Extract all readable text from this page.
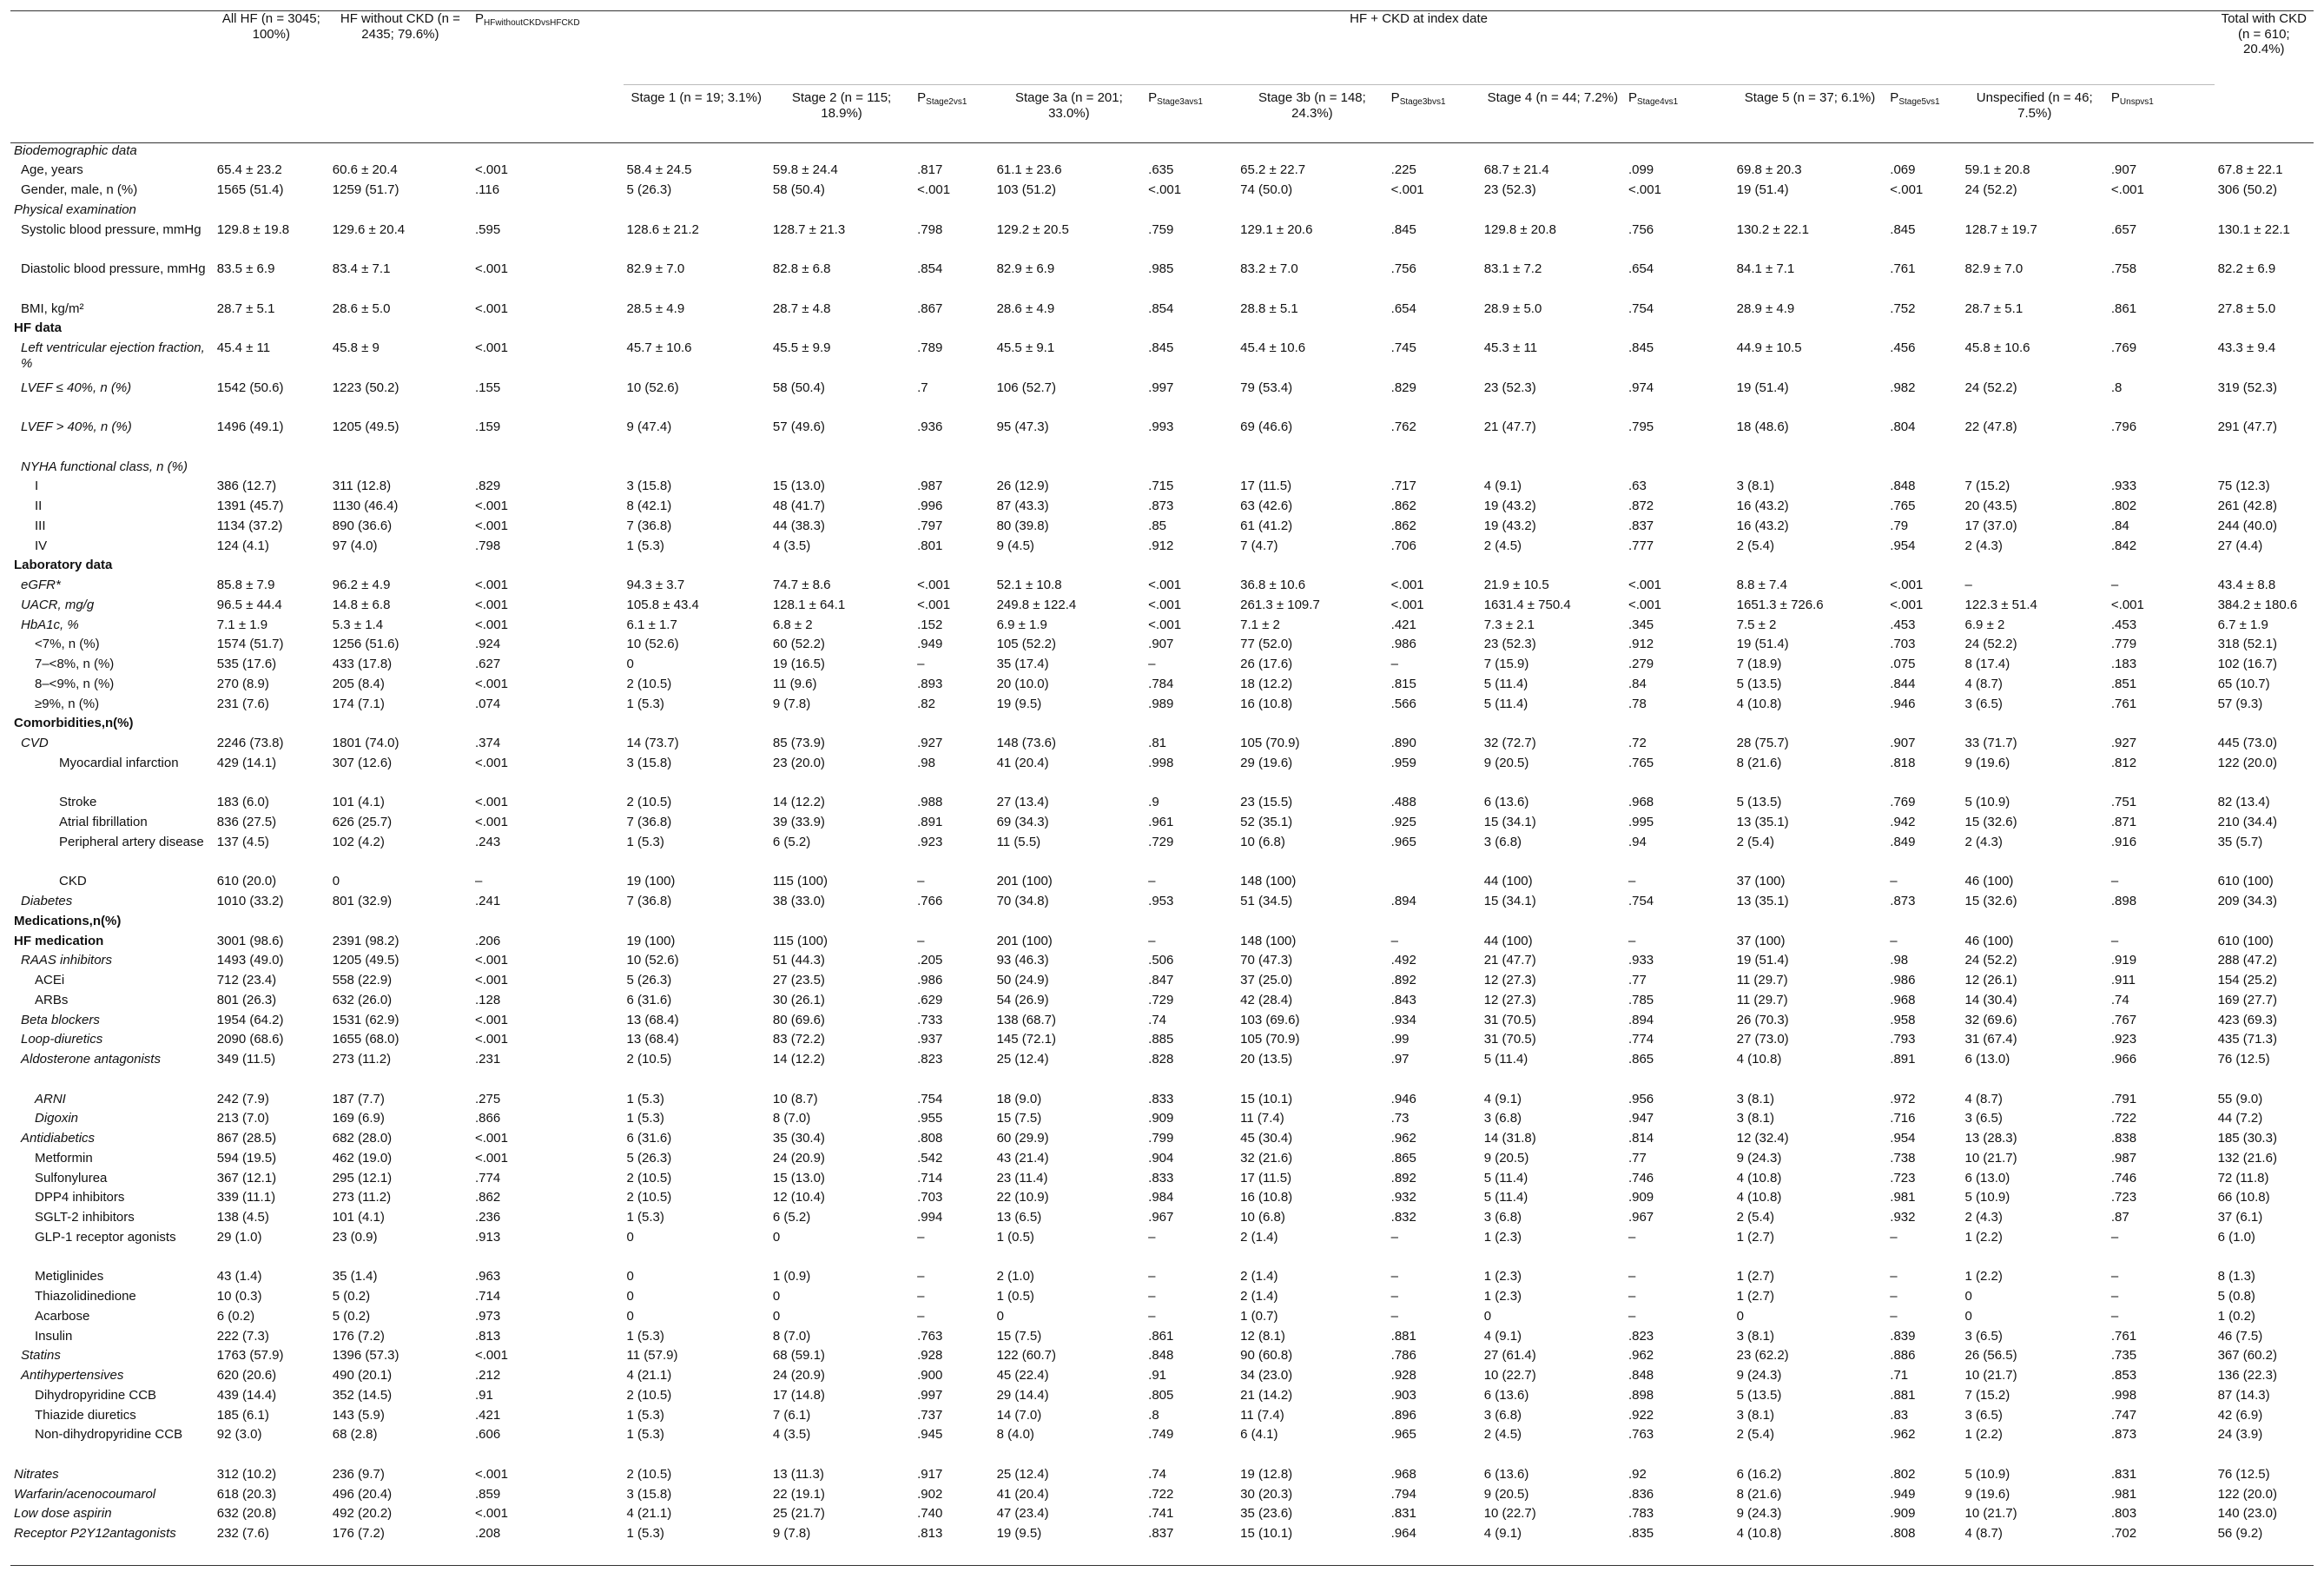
	All HF (n = 3045; 100%)	HF without CKD (n = 2435; 79.6%)	$P_{HFwithoutCKDvsHFCKD}$	HF + CKD at index date													Total with CKD (n = 610; 20.4%)
				Stage 1 (n = 19; 3.1%)	Stage 2 (n = 115; 18.9%)	$P_{Stage2vs1}$	Stage 3a (n = 201; 33.0%)	$P_{Stage3avs1}$	Stage 3b (n = 148; 24.3%)	$P_{Stage3bvs1}$	Stage 4 (n = 44; 7.2%)	$P_{Stage4vs1}$	Stage 5 (n = 37; 6.1%)	$P_{Stage5vs1}$	Unspecified (n = 46; 7.5%)	$P_{Unspvs1}$
Biodemographic data																	
Age, years	65.4 ± 23.2	60.6 ± 20.4	<.001	58.4 ± 24.5	59.8 ± 24.4	.817	61.1 ± 23.6	.635	65.2 ± 22.7	.225	68.7 ± 21.4	.099	69.8 ± 20.3	.069	59.1 ± 20.8	.907	67.8 ± 22.1
Gender, male, n (%)	1565 (51.4)	1259 (51.7)	.116	5 (26.3)	58 (50.4)	<.001	103 (51.2)	<.001	74 (50.0)	<.001	23 (52.3)	<.001	19 (51.4)	<.001	24 (52.2)	<.001	306 (50.2)
Physical examination																	
Systolic blood pressure, mmHg	129.8 ± 19.8	129.6 ± 20.4	.595	128.6 ± 21.2	128.7 ± 21.3	.798	129.2 ± 20.5	.759	129.1 ± 20.6	.845	129.8 ± 20.8	.756	130.2 ± 22.1	.845	128.7 ± 19.7	.657	130.1 ± 22.1
Diastolic blood pressure, mmHg	83.5 ± 6.9	83.4 ± 7.1	<.001	82.9 ± 7.0	82.8 ± 6.8	.854	82.9 ± 6.9	.985	83.2 ± 7.0	.756	83.1 ± 7.2	.654	84.1 ± 7.1	.761	82.9 ± 7.0	.758	82.2 ± 6.9
BMI, kg/m²	28.7 ± 5.1	28.6 ± 5.0	<.001	28.5 ± 4.9	28.7 ± 4.8	.867	28.6 ± 4.9	.854	28.8 ± 5.1	.654	28.9 ± 5.0	.754	28.9 ± 4.9	.752	28.7 ± 5.1	.861	27.8 ± 5.0
HF data																	
Left ventricular ejection fraction, %	45.4 ± 11	45.8 ± 9	<.001	45.7 ± 10.6	45.5 ± 9.9	.789	45.5 ± 9.1	.845	45.4 ± 10.6	.745	45.3 ± 11	.845	44.9 ± 10.5	.456	45.8 ± 10.6	.769	43.3 ± 9.4
LVEF ≤ 40%, n (%)	1542 (50.6)	1223 (50.2)	.155	10 (52.6)	58 (50.4)	.7	106 (52.7)	.997	79 (53.4)	.829	23 (52.3)	.974	19 (51.4)	.982	24 (52.2)	.8	319 (52.3)
LVEF > 40%, n (%)	1496 (49.1)	1205 (49.5)	.159	9 (47.4)	57 (49.6)	.936	95 (47.3)	.993	69 (46.6)	.762	21 (47.7)	.795	18 (48.6)	.804	22 (47.8)	.796	291 (47.7)
NYHA functional class, n (%)																	
I	386 (12.7)	311 (12.8)	.829	3 (15.8)	15 (13.0)	.987	26 (12.9)	.715	17 (11.5)	.717	4 (9.1)	.63	3 (8.1)	.848	7 (15.2)	.933	75 (12.3)
II	1391 (45.7)	1130 (46.4)	<.001	8 (42.1)	48 (41.7)	.996	87 (43.3)	.873	63 (42.6)	.862	19 (43.2)	.872	16 (43.2)	.765	20 (43.5)	.802	261 (42.8)
III	1134 (37.2)	890 (36.6)	<.001	7 (36.8)	44 (38.3)	.797	80 (39.8)	.85	61 (41.2)	.862	19 (43.2)	.837	16 (43.2)	.79	17 (37.0)	.84	244 (40.0)
IV	124 (4.1)	97 (4.0)	.798	1 (5.3)	4 (3.5)	.801	9 (4.5)	.912	7 (4.7)	.706	2 (4.5)	.777	2 (5.4)	.954	2 (4.3)	.842	27 (4.4)
Laboratory data																	
eGFR*	85.8 ± 7.9	96.2 ± 4.9	<.001	94.3 ± 3.7	74.7 ± 8.6	<.001	52.1 ± 10.8	<.001	36.8 ± 10.6	<.001	21.9 ± 10.5	<.001	8.8 ± 7.4	<.001	–	–	43.4 ± 8.8
UACR, mg/g	96.5 ± 44.4	14.8 ± 6.8	<.001	105.8 ± 43.4	128.1 ± 64.1	<.001	249.8 ± 122.4	<.001	261.3 ± 109.7	<.001	1631.4 ± 750.4	<.001	1651.3 ± 726.6	<.001	122.3 ± 51.4	<.001	384.2 ± 180.6
HbA1c, %	7.1 ± 1.9	5.3 ± 1.4	<.001	6.1 ± 1.7	6.8 ± 2	.152	6.9 ± 1.9	<.001	7.1 ± 2	.421	7.3 ± 2.1	.345	7.5 ± 2	.453	6.9 ± 2	.453	6.7 ± 1.9
<7%, n (%)	1574 (51.7)	1256 (51.6)	.924	10 (52.6)	60 (52.2)	.949	105 (52.2)	.907	77 (52.0)	.986	23 (52.3)	.912	19 (51.4)	.703	24 (52.2)	.779	318 (52.1)
7–<8%, n (%)	535 (17.6)	433 (17.8)	.627	0	19 (16.5)	–	35 (17.4)	–	26 (17.6)	–	7 (15.9)	.279	7 (18.9)	.075	8 (17.4)	.183	102 (16.7)
8–<9%, n (%)	270 (8.9)	205 (8.4)	<.001	2 (10.5)	11 (9.6)	.893	20 (10.0)	.784	18 (12.2)	.815	5 (11.4)	.84	5 (13.5)	.844	4 (8.7)	.851	65 (10.7)
≥9%, n (%)	231 (7.6)	174 (7.1)	.074	1 (5.3)	9 (7.8)	.82	19 (9.5)	.989	16 (10.8)	.566	5 (11.4)	.78	4 (10.8)	.946	3 (6.5)	.761	57 (9.3)
Comorbidities,n(%)																	
CVD	2246 (73.8)	1801 (74.0)	.374	14 (73.7)	85 (73.9)	.927	148 (73.6)	.81	105 (70.9)	.890	32 (72.7)	.72	28 (75.7)	.907	33 (71.7)	.927	445 (73.0)
Myocardial infarction	429 (14.1)	307 (12.6)	<.001	3 (15.8)	23 (20.0)	.98	41 (20.4)	.998	29 (19.6)	.959	9 (20.5)	.765	8 (21.6)	.818	9 (19.6)	.812	122 (20.0)
Stroke	183 (6.0)	101 (4.1)	<.001	2 (10.5)	14 (12.2)	.988	27 (13.4)	.9	23 (15.5)	.488	6 (13.6)	.968	5 (13.5)	.769	5 (10.9)	.751	82 (13.4)
Atrial fibrillation	836 (27.5)	626 (25.7)	<.001	7 (36.8)	39 (33.9)	.891	69 (34.3)	.961	52 (35.1)	.925	15 (34.1)	.995	13 (35.1)	.942	15 (32.6)	.871	210 (34.4)
Peripheral artery disease	137 (4.5)	102 (4.2)	.243	1 (5.3)	6 (5.2)	.923	11 (5.5)	.729	10 (6.8)	.965	3 (6.8)	.94	2 (5.4)	.849	2 (4.3)	.916	35 (5.7)
CKD	610 (20.0)	0	–	19 (100)	115 (100)	–	201 (100)	–	148 (100)		44 (100)	–	37 (100)	–	46 (100)	–	610 (100)
Diabetes	1010 (33.2)	801 (32.9)	.241	7 (36.8)	38 (33.0)	.766	70 (34.8)	.953	51 (34.5)	.894	15 (34.1)	.754	13 (35.1)	.873	15 (32.6)	.898	209 (34.3)
Medications,n(%)																	
HF medication	3001 (98.6)	2391 (98.2)	.206	19 (100)	115 (100)	–	201 (100)	–	148 (100)	–	44 (100)	–	37 (100)	–	46 (100)	–	610 (100)
RAAS inhibitors	1493 (49.0)	1205 (49.5)	<.001	10 (52.6)	51 (44.3)	.205	93 (46.3)	.506	70 (47.3)	.492	21 (47.7)	.933	19 (51.4)	.98	24 (52.2)	.919	288 (47.2)
ACEi	712 (23.4)	558 (22.9)	<.001	5 (26.3)	27 (23.5)	.986	50 (24.9)	.847	37 (25.0)	.892	12 (27.3)	.77	11 (29.7)	.986	12 (26.1)	.911	154 (25.2)
ARBs	801 (26.3)	632 (26.0)	.128	6 (31.6)	30 (26.1)	.629	54 (26.9)	.729	42 (28.4)	.843	12 (27.3)	.785	11 (29.7)	.968	14 (30.4)	.74	169 (27.7)
Beta blockers	1954 (64.2)	1531 (62.9)	<.001	13 (68.4)	80 (69.6)	.733	138 (68.7)	.74	103 (69.6)	.934	31 (70.5)	.894	26 (70.3)	.958	32 (69.6)	.767	423 (69.3)
Loop-diuretics	2090 (68.6)	1655 (68.0)	<.001	13 (68.4)	83 (72.2)	.937	145 (72.1)	.885	105 (70.9)	.99	31 (70.5)	.774	27 (73.0)	.793	31 (67.4)	.923	435 (71.3)
Aldosterone antagonists	349 (11.5)	273 (11.2)	.231	2 (10.5)	14 (12.2)	.823	25 (12.4)	.828	20 (13.5)	.97	5 (11.4)	.865	4 (10.8)	.891	6 (13.0)	.966	76 (12.5)
ARNI	242 (7.9)	187 (7.7)	.275	1 (5.3)	10 (8.7)	.754	18 (9.0)	.833	15 (10.1)	.946	4 (9.1)	.956	3 (8.1)	.972	4 (8.7)	.791	55 (9.0)
Digoxin	213 (7.0)	169 (6.9)	.866	1 (5.3)	8 (7.0)	.955	15 (7.5)	.909	11 (7.4)	.73	3 (6.8)	.947	3 (8.1)	.716	3 (6.5)	.722	44 (7.2)
Antidiabetics	867 (28.5)	682 (28.0)	<.001	6 (31.6)	35 (30.4)	.808	60 (29.9)	.799	45 (30.4)	.962	14 (31.8)	.814	12 (32.4)	.954	13 (28.3)	.838	185 (30.3)
Metformin	594 (19.5)	462 (19.0)	<.001	5 (26.3)	24 (20.9)	.542	43 (21.4)	.904	32 (21.6)	.865	9 (20.5)	.77	9 (24.3)	.738	10 (21.7)	.987	132 (21.6)
Sulfonylurea	367 (12.1)	295 (12.1)	.774	2 (10.5)	15 (13.0)	.714	23 (11.4)	.833	17 (11.5)	.892	5 (11.4)	.746	4 (10.8)	.723	6 (13.0)	.746	72 (11.8)
DPP4 inhibitors	339 (11.1)	273 (11.2)	.862	2 (10.5)	12 (10.4)	.703	22 (10.9)	.984	16 (10.8)	.932	5 (11.4)	.909	4 (10.8)	.981	5 (10.9)	.723	66 (10.8)
SGLT-2 inhibitors	138 (4.5)	101 (4.1)	.236	1 (5.3)	6 (5.2)	.994	13 (6.5)	.967	10 (6.8)	.832	3 (6.8)	.967	2 (5.4)	.932	2 (4.3)	.87	37 (6.1)
GLP-1 receptor agonists	29 (1.0)	23 (0.9)	.913	0	0	–	1 (0.5)	–	2 (1.4)	–	1 (2.3)	–	1 (2.7)	–	1 (2.2)	–	6 (1.0)
Metiglinides	43 (1.4)	35 (1.4)	.963	0	1 (0.9)	–	2 (1.0)	–	2 (1.4)	–	1 (2.3)	–	1 (2.7)	–	1 (2.2)	–	8 (1.3)
Thiazolidinedione	10 (0.3)	5 (0.2)	.714	0	0	–	1 (0.5)	–	2 (1.4)	–	1 (2.3)	–	1 (2.7)	–	0	–	5 (0.8)
Acarbose	6 (0.2)	5 (0.2)	.973	0	0	–	0	–	1 (0.7)	–	0	–	0	–	0	–	1 (0.2)
Insulin	222 (7.3)	176 (7.2)	.813	1 (5.3)	8 (7.0)	.763	15 (7.5)	.861	12 (8.1)	.881	4 (9.1)	.823	3 (8.1)	.839	3 (6.5)	.761	46 (7.5)
Statins	1763 (57.9)	1396 (57.3)	<.001	11 (57.9)	68 (59.1)	.928	122 (60.7)	.848	90 (60.8)	.786	27 (61.4)	.962	23 (62.2)	.886	26 (56.5)	.735	367 (60.2)
Antihypertensives	620 (20.6)	490 (20.1)	.212	4 (21.1)	24 (20.9)	.900	45 (22.4)	.91	34 (23.0)	.928	10 (22.7)	.848	9 (24.3)	.71	10 (21.7)	.853	136 (22.3)
Dihydropyridine CCB	439 (14.4)	352 (14.5)	.91	2 (10.5)	17 (14.8)	.997	29 (14.4)	.805	21 (14.2)	.903	6 (13.6)	.898	5 (13.5)	.881	7 (15.2)	.998	87 (14.3)
Thiazide diuretics	185 (6.1)	143 (5.9)	.421	1 (5.3)	7 (6.1)	.737	14 (7.0)	.8	11 (7.4)	.896	3 (6.8)	.922	3 (8.1)	.83	3 (6.5)	.747	42 (6.9)
Non-dihydropyridine CCB	92 (3.0)	68 (2.8)	.606	1 (5.3)	4 (3.5)	.945	8 (4.0)	.749	6 (4.1)	.965	2 (4.5)	.763	2 (5.4)	.962	1 (2.2)	.873	24 (3.9)
Nitrates	312 (10.2)	236 (9.7)	<.001	2 (10.5)	13 (11.3)	.917	25 (12.4)	.74	19 (12.8)	.968	6 (13.6)	.92	6 (16.2)	.802	5 (10.9)	.831	76 (12.5)
Warfarin/acenocoumarol	618 (20.3)	496 (20.4)	.859	3 (15.8)	22 (19.1)	.902	41 (20.4)	.722	30 (20.3)	.794	9 (20.5)	.836	8 (21.6)	.949	9 (19.6)	.981	122 (20.0)
Low dose aspirin	632 (20.8)	492 (20.2)	<.001	4 (21.1)	25 (21.7)	.740	47 (23.4)	.741	35 (23.6)	.831	10 (22.7)	.783	9 (24.3)	.909	10 (21.7)	.803	140 (23.0)
Receptor P2Y12antagonists	232 (7.6)	176 (7.2)	.208	1 (5.3)	9 (7.8)	.813	19 (9.5)	.837	15 (10.1)	.964	4 (9.1)	.835	4 (10.8)	.808	4 (8.7)	.702	56 (9.2)
